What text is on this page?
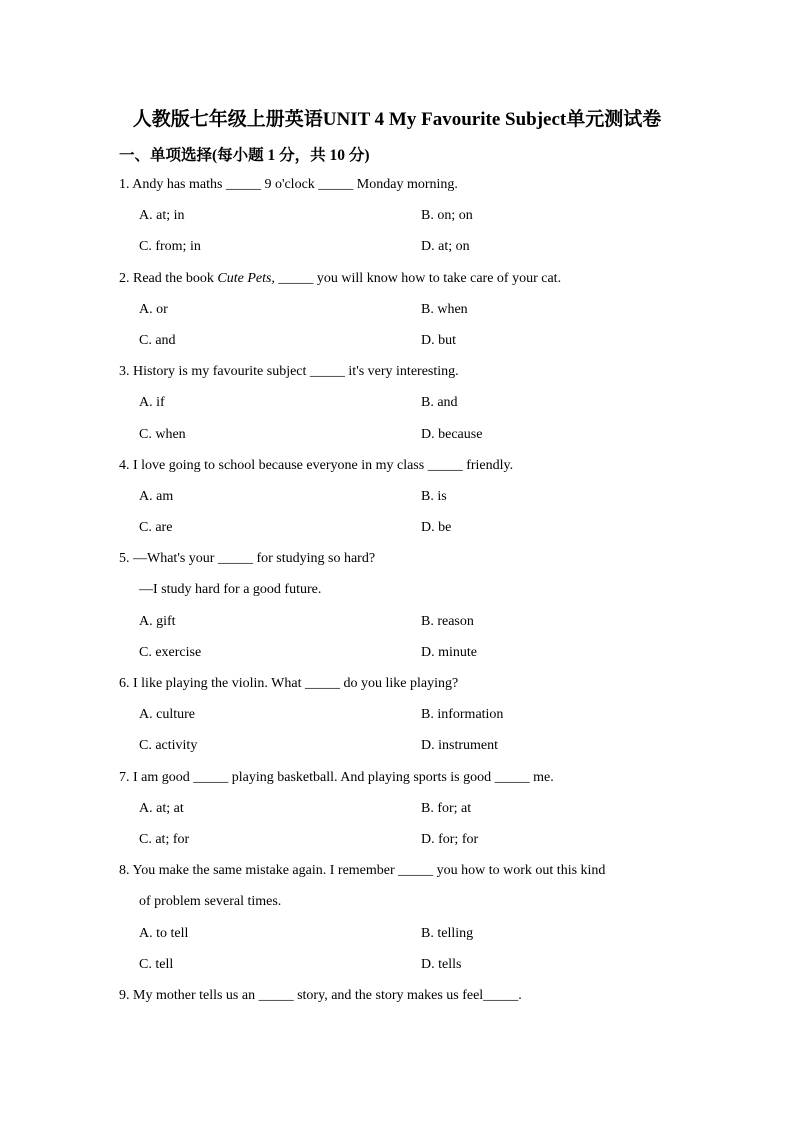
人教版七年级上册英语UNIT 4 My Favourite Subject单元测试卷
一、单项选择(每小题 1 分，共 10 分)
1. Andy has maths _____ 9 o'clock _____ Monday morning.
A. at; in	B. on; on
C. from; in	D. at; on
2. Read the book Cute Pets, _____ you will know how to take care of your cat.
A. or	B. when
C. and	D. but
3. History is my favourite subject _____ it's very interesting.
A. if	B. and
C. when	D. because
4. I love going to school because everyone in my class _____ friendly.
A. am	B. is
C. are	D. be
5. —What's your _____ for studying so hard?
—I study hard for a good future.
A. gift	B. reason
C. exercise	D. minute
6. I like playing the violin. What _____ do you like playing?
A. culture	B. information
C. activity	D. instrument
7. I am good _____ playing basketball. And playing sports is good _____ me.
A. at; at	B. for; at
C. at; for	D. for; for
8. You make the same mistake again. I remember _____ you how to work out this kind
of problem several times.
A. to tell	B. telling
C. tell	D. tells
9. My mother tells us an _____ story, and the story makes us feel_____.
